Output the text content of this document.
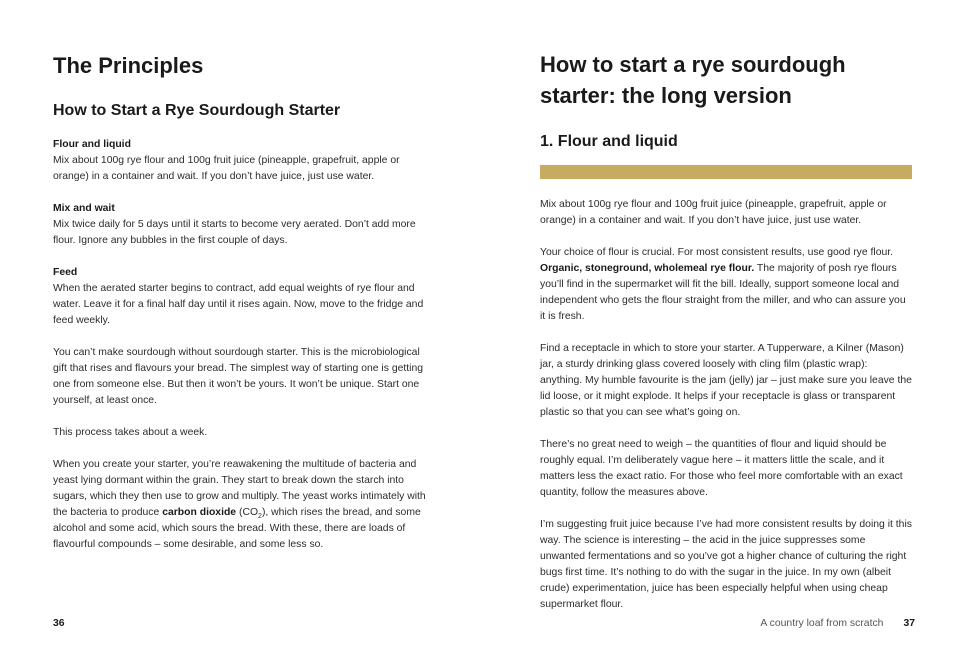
The Principles
How to Start a Rye Sourdough Starter

Flour and liquid
Mix about 100g rye flour and 100g fruit juice (pineapple, grapefruit, apple or orange) in a container and wait. If you don’t have juice, just use water.

Mix and wait
Mix twice daily for 5 days until it starts to become very aerated. Don’t add more flour. Ignore any bubbles in the first couple of days.

Feed
When the aerated starter begins to contract, add equal weights of rye flour and water. Leave it for a final half day until it rises again. Now, move to the fridge and feed weekly.

You can’t make sourdough without sourdough starter. This is the microbiological gift that rises and flavours your bread. The simplest way of starting one is getting one from someone else. But then it won’t be yours. It won’t be unique. Start one yourself, at least once.

This process takes about a week.

When you create your starter, you’re reawakening the multitude of bacteria and yeast lying dormant within the grain. They start to break down the starch into sugars, which they then use to grow and multiply. The yeast works intimately with the bacteria to produce carbon dioxide $(CO_2)$, which rises the bread, and some alcohol and some acid, which sours the bread. With these, there are loads of flavourful compounds – some desirable, and some less so.

How to start a rye sourdough starter: the long version
1. Flour and liquid

Mix about 100g rye flour and 100g fruit juice (pineapple, grapefruit, apple or orange) in a container and wait. If you don’t have juice, just use water.

Your choice of flour is crucial. For most consistent results, use good rye flour. Organic, stoneground, wholemeal rye flour. The majority of posh rye flours you’ll find in the supermarket will fit the bill. Ideally, support someone local and independent who gets the flour straight from the miller, and who can assure you it is fresh.

Find a receptacle in which to store your starter. A Tupperware, a Kilner (Mason) jar, a sturdy drinking glass covered loosely with cling film (plastic wrap): anything. My humble favourite is the jam (jelly) jar – just make sure you leave the lid loose, or it might explode. It helps if your receptacle is glass or transparent plastic so that you can see what’s going on.

There’s no great need to weigh – the quantities of flour and liquid should be roughly equal. I’m deliberately vague here – it matters little the scale, and it matters less the exact ratio. For those who feel more comfortable with an exact quantity, follow the measures above.

I’m suggesting fruit juice because I’ve had more consistent results by doing it this way. The science is interesting – the acid in the juice suppresses some unwanted fermentations and so you’ve got a higher chance of culturing the right bugs first time. It’s nothing to do with the sugar in the juice. In my own (albeit crude) experimentation, juice has been especially helpful when using cheap supermarket flour.

36	A country loaf from scratch 37
